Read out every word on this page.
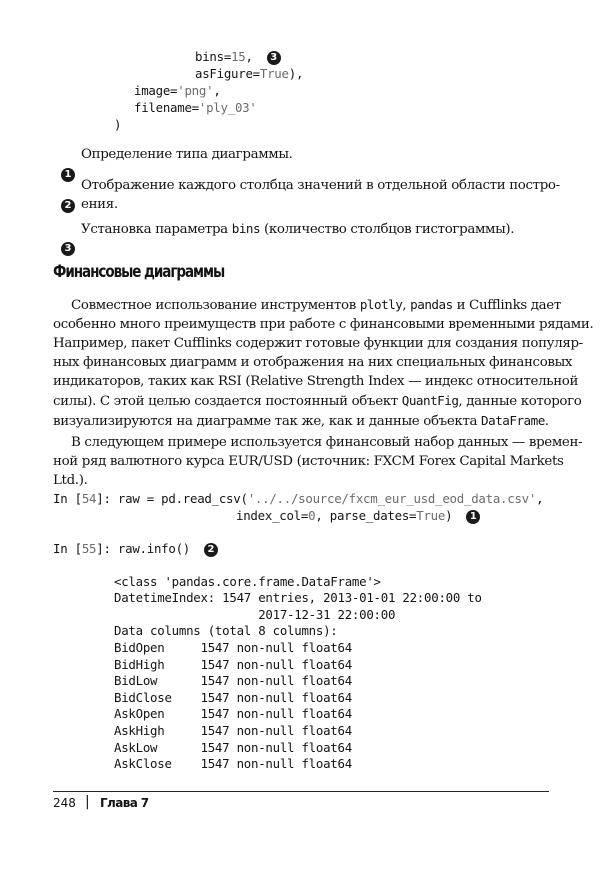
bins=15, 3
asFigure=True),
image='png',
filename='ply_03'
)

1

Определение типа диаграммы.

2

Отображение каждого столбца значений в отдельной области постро-
ения.

3

Установка параметра bins (количество столбцов гистограммы).
Финансовые диаграммы
Совместное использование инструментов plotly, pandas и Cufflinks дает
особенно много преимуществ при работе с финансовыми временными рядами.
Например, пакет Cufflinks содержит готовые функции для создания популяр-
ных финансовых диаграмм и отображения на них специальных финансовых
индикаторов, таких как RSI (Relative Strength Index — индекс относительной
силы). С этой целью создается постоянный объект QuantFig, данные которого
визуализируются на диаграмме так же, как и данные объекта DataFrame.
В следующем примере используется финансовый набор данных — времен-
ной ряд валютного курса EUR/USD (источник: FXCM Forex Capital Markets
Ltd.).
In [54]: raw = pd.read_csv('../../source/fxcm_eur_usd_eod_data.csv',
index_col=0, parse_dates=True) 1
In [55]: raw.info() 2

<class 'pandas.core.frame.DataFrame'>
DatetimeIndex: 1547 entries, 2013-01-01 22:00:00 to
2017-12-31 22:00:00
Data columns (total 8 columns):
BidOpen     1547 non-null float64
BidHigh     1547 non-null float64
BidLow      1547 non-null float64
BidClose    1547 non-null float64
AskOpen     1547 non-null float64
AskHigh     1547 non-null float64
AskLow      1547 non-null float64
AskClose    1547 non-null float64

248 | Глава 7
